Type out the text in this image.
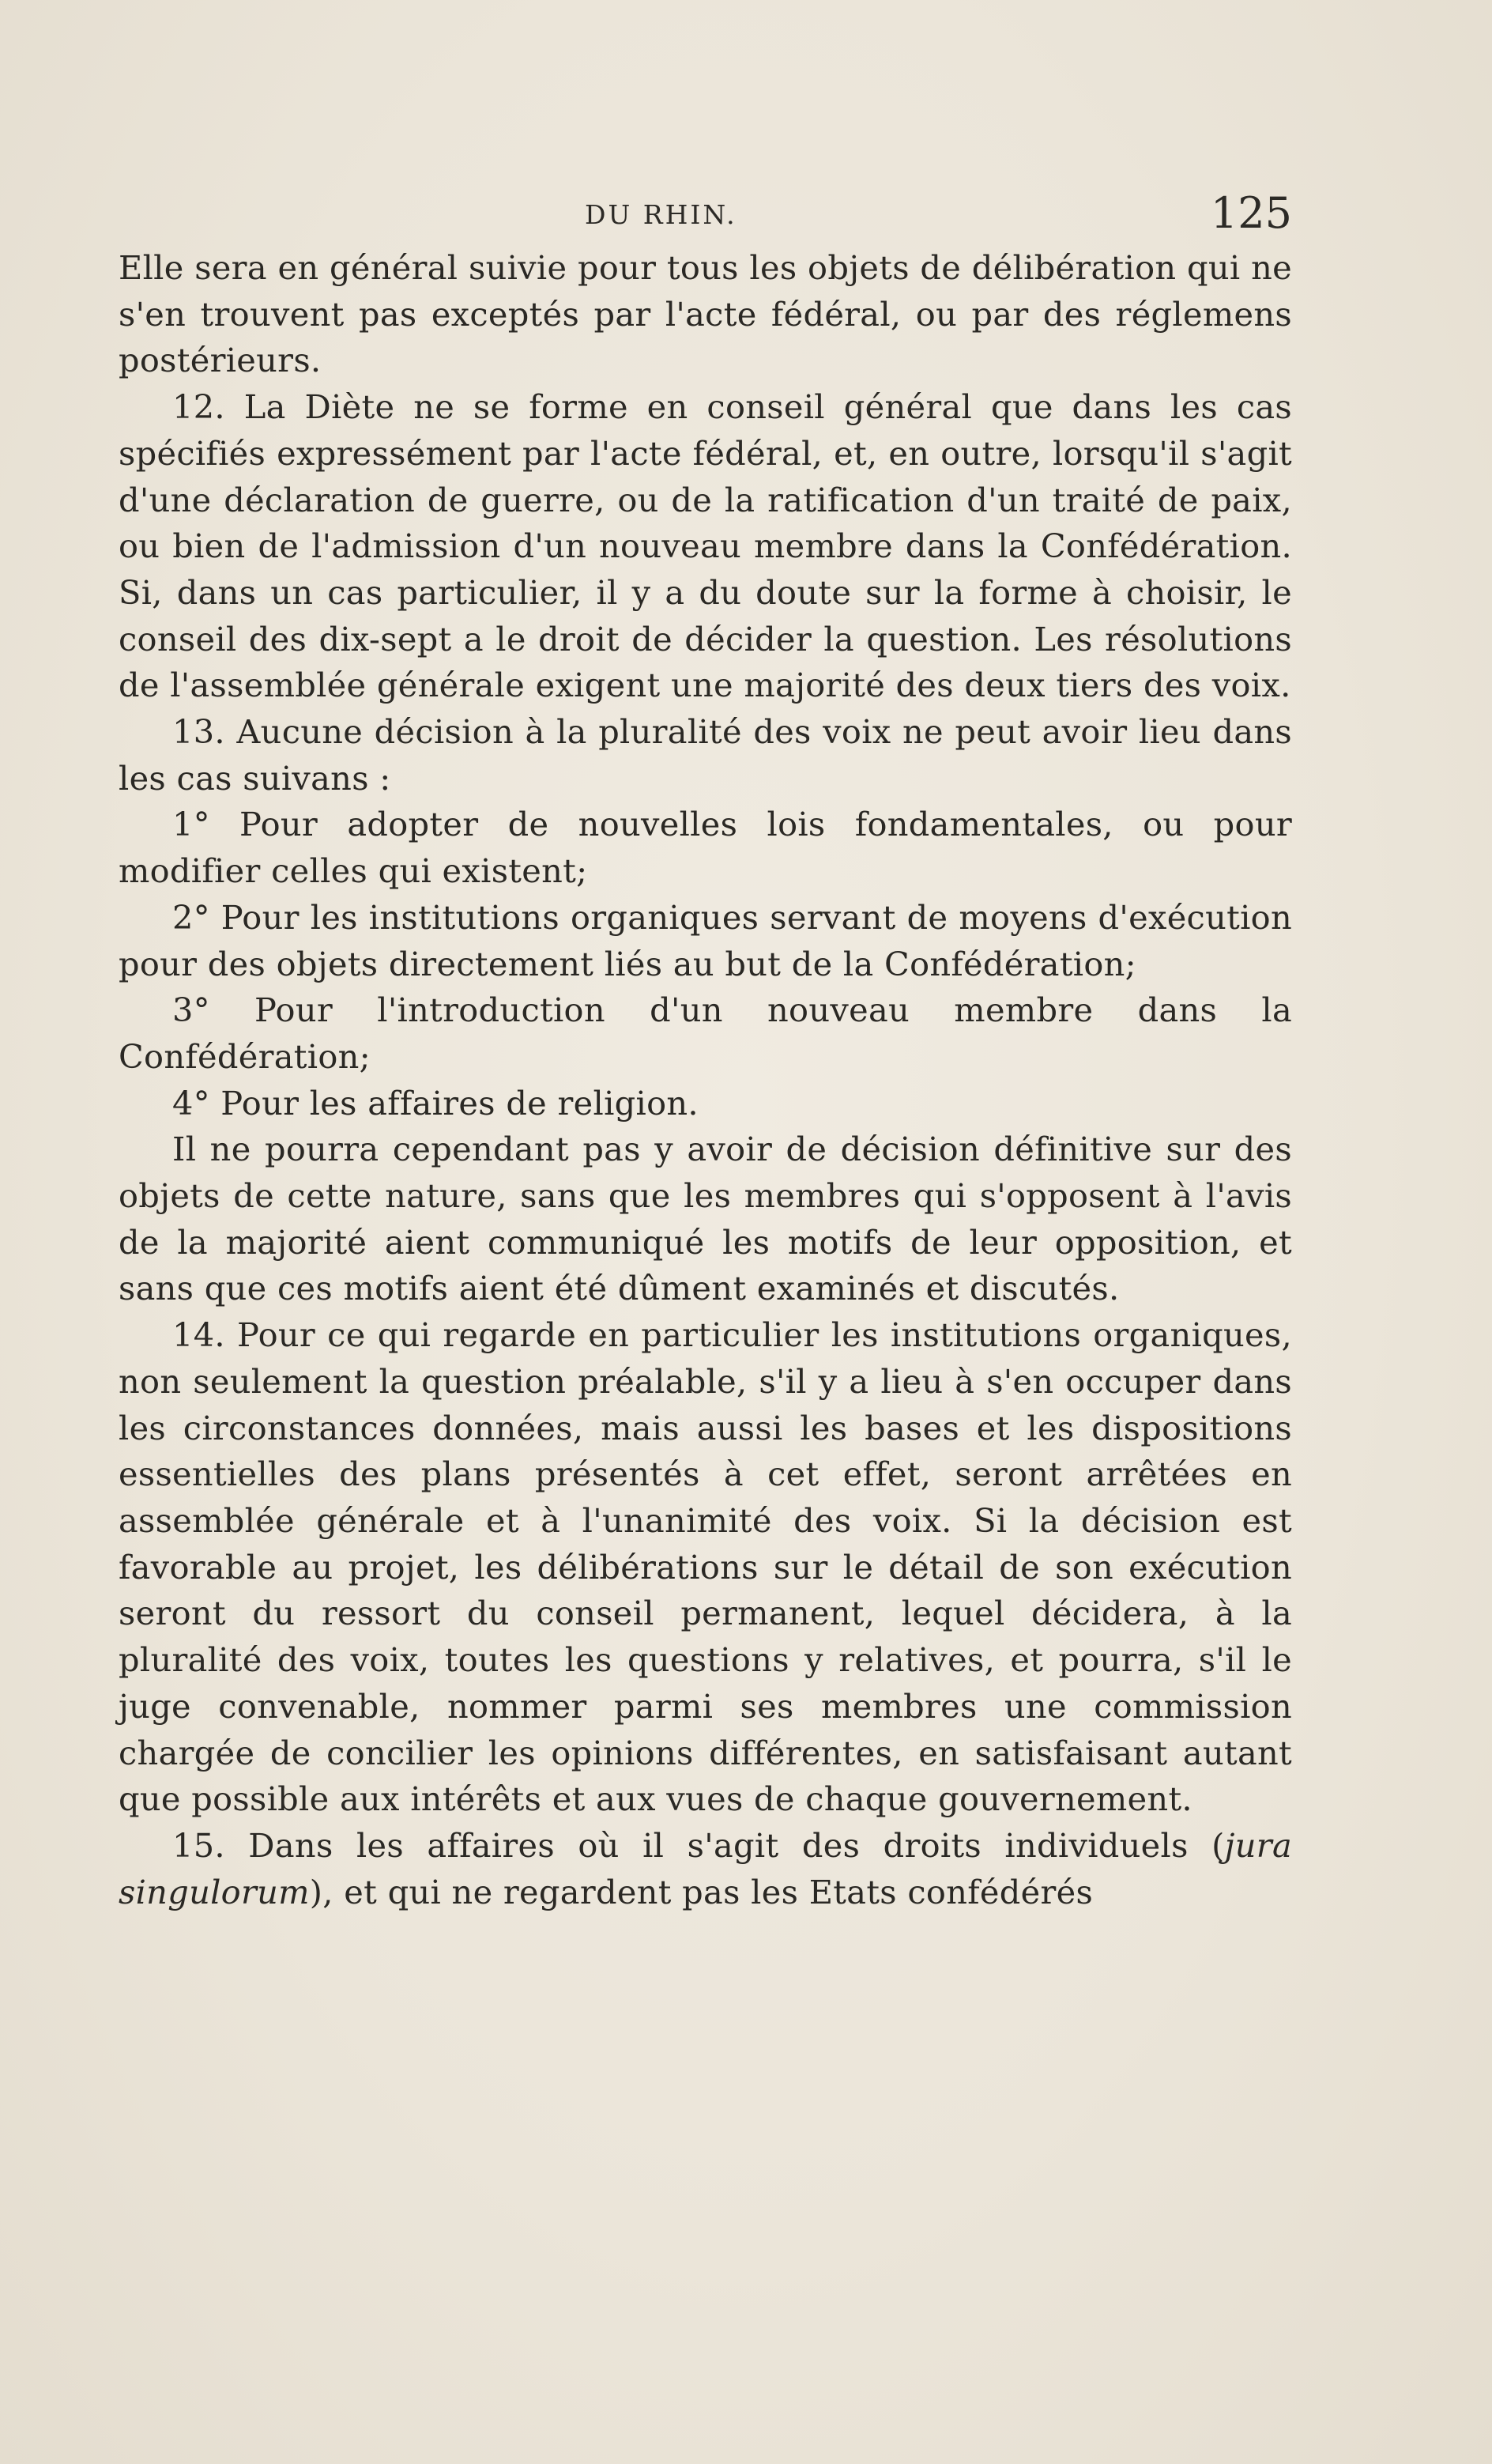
DU RHIN.	125

Elle sera en général suivie pour tous les objets de délibération qui ne s'en trouvent pas exceptés par l'acte fédéral, ou par des réglemens postérieurs.

12. La Diète ne se forme en conseil général que dans les cas spécifiés expressément par l'acte fédéral, et, en outre, lorsqu'il s'agit d'une déclaration de guerre, ou de la ratification d'un traité de paix, ou bien de l'admission d'un nouveau membre dans la Confédération. Si, dans un cas particulier, il y a du doute sur la forme à choisir, le conseil des dix-sept a le droit de décider la question. Les résolutions de l'assemblée générale exigent une majorité des deux tiers des voix.

13. Aucune décision à la pluralité des voix ne peut avoir lieu dans les cas suivans :

1° Pour adopter de nouvelles lois fondamentales, ou pour modifier celles qui existent;

2° Pour les institutions organiques servant de moyens d'exécution pour des objets directement liés au but de la Confédération;

3° Pour l'introduction d'un nouveau membre dans la Confédération;

4° Pour les affaires de religion.

Il ne pourra cependant pas y avoir de décision définitive sur des objets de cette nature, sans que les membres qui s'opposent à l'avis de la majorité aient communiqué les motifs de leur opposition, et sans que ces motifs aient été dûment examinés et discutés.

14. Pour ce qui regarde en particulier les institutions organiques, non seulement la question préalable, s'il y a lieu à s'en occuper dans les circonstances données, mais aussi les bases et les dispositions essentielles des plans présentés à cet effet, seront arrêtées en assemblée générale et à l'unanimité des voix. Si la décision est favorable au projet, les délibérations sur le détail de son exécution seront du ressort du conseil permanent, lequel décidera, à la pluralité des voix, toutes les questions y relatives, et pourra, s'il le juge convenable, nommer parmi ses membres une commission chargée de concilier les opinions différentes, en satisfaisant autant que possible aux intérêts et aux vues de chaque gouvernement.

15. Dans les affaires où il s'agit des droits individuels (jura singulorum), et qui ne regardent pas les Etats confédérés
